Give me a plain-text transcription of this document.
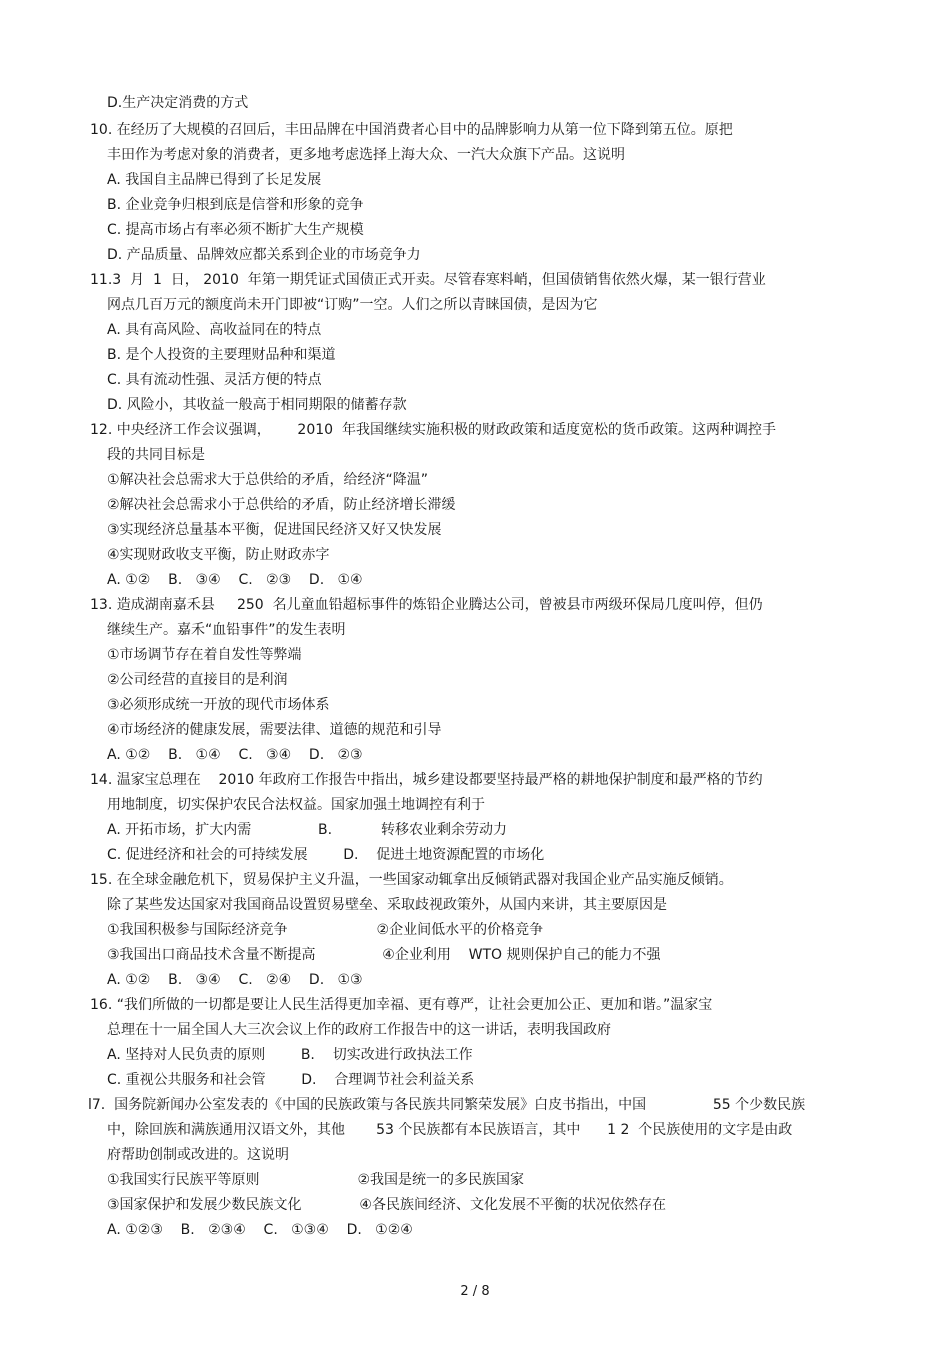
D.生产决定消费的方式
10. 在经历了大规模的召回后，丰田品牌在中国消费者心目中的品牌影响力从第一位下降到第五位。原把
丰田作为考虑对象的消费者，更多地考虑选择上海大众、一汽大众旗下产品。这说明
A. 我国自主品牌已得到了长足发展
B. 企业竞争归根到底是信誉和形象的竞争
C. 提高市场占有率必须不断扩大生产规模
D. 产品质量、品牌效应都关系到企业的市场竞争力
11.3  月  1  日， 2010  年第一期凭证式国债正式开卖。尽管春寒料峭，但国债销售依然火爆，某一银行营业
网点几百万元的额度尚未开门即被“订购”一空。人们之所以青睐国债，是因为它
A. 具有高风险、高收益同在的特点
B. 是个人投资的主要理财品种和渠道
C. 具有流动性强、灵活方便的特点
D. 风险小，其收益一般高于相同期限的储蓄存款
12. 中央经济工作会议强调，      2010  年我国继续实施积极的财政政策和适度宽松的货币政策。这两种调控手
段的共同目标是
①解决社会总需求大于总供给的矛盾，给经济“降温”
②解决社会总需求小于总供给的矛盾，防止经济增长滞缓
③实现经济总量基本平衡，促进国民经济又好又快发展
④实现财政收支平衡，防止财政赤字
A. ①②    B.   ③④    C.   ②③    D.   ①④
13. 造成湖南嘉禾县     250  名儿童血铅超标事件的炼铅企业腾达公司，曾被县市两级环保局几度叫停，但仍
继续生产。嘉禾“血铅事件”的发生表明
①市场调节存在着自发性等弊端
②公司经营的直接目的是利润
③必须形成统一开放的现代市场体系
④市场经济的健康发展，需要法律、道德的规范和引导
A. ①②    B.   ①④    C.   ③④    D.   ②③
14. 温家宝总理在    2010 年政府工作报告中指出，城乡建设都要坚持最严格的耕地保护制度和最严格的节约
用地制度，切实保护农民合法权益。国家加强土地调控有利于
A. 开拓市场，扩大内需               B.           转移农业剩余劳动力
C. 促进经济和社会的可持续发展        D.    促进土地资源配置的市场化
15. 在全球金融危机下，贸易保护主义升温，一些国家动辄拿出反倾销武器对我国企业产品实施反倾销。
除了某些发达国家对我国商品设置贸易壁垒、采取歧视政策外，从国内来讲，其主要原因是
①我国积极参与国际经济竞争                    ②企业间低水平的价格竞争
③我国出口商品技术含量不断提高               ④企业利用    WTO 规则保护自己的能力不强
A. ①②    B.   ③④    C.   ②④    D.   ①③
16. “我们所做的一切都是要让人民生活得更加幸福、更有尊严，让社会更加公正、更加和谐。”温家宝
总理在十一届全国人大三次会议上作的政府工作报告中的这一讲话，表明我国政府
A. 坚持对人民负责的原则        B.    切实改进行政执法工作
C. 重视公共服务和社会管        D.    合理调节社会利益关系
l7.  国务院新闻办公室发表的《中国的民族政策与各民族共同繁荣发展》白皮书指出，中国               55 个少数民族
中，除回族和满族通用汉语文外，其他       53 个民族都有本民族语言，其中      1 2  个民族使用的文字是由政
府帮助创制或改进的。这说明
①我国实行民族平等原则                      ②我国是统一的多民族国家
③国家保护和发展少数民族文化             ④各民族间经济、文化发展不平衡的状况依然存在
A. ①②③    B.   ②③④    C.   ①③④    D.   ①②④
2 / 8
